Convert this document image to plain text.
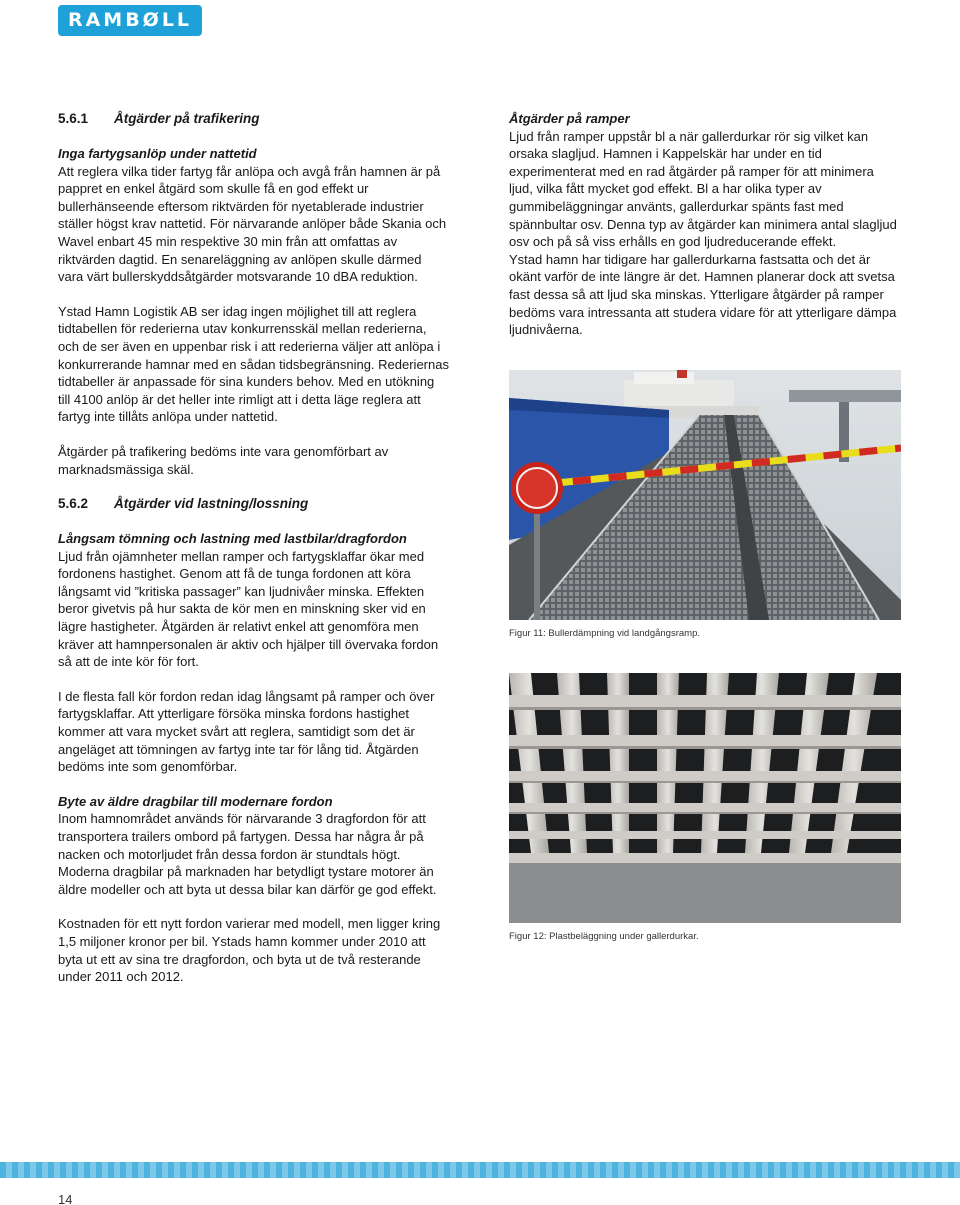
RAMBØLL
5.6.1 Åtgärder på trafikering
Inga fartygsanlöp under nattetid

Att reglera vilka tider fartyg får anlöpa och avgå från hamnen är på pappret en enkel åtgärd som skulle få en god effekt ur bullerhänseende eftersom riktvärden för nyetablerade industrier ställer högst krav nattetid. För närvarande anlöper både Skania och Wavel enbart 45 min respektive 30 min från att omfattas av riktvärden dagtid. En senareläggning av anlöpen skulle därmed vara värt bullerskyddsåtgärder motsvarande 10 dBA reduktion.

Ystad Hamn Logistik AB ser idag ingen möjlighet till att reglera tidtabellen för rederierna utav konkurrensskäl mellan rederierna, och de ser även en uppenbar risk i att rederierna väljer att anlöpa i konkurrerande hamnar med en sådan tidsbegränsning. Rederiernas tidtabeller är anpassade för sina kunders behov. Med en utökning till 4100 anlöp är det heller inte rimligt att i detta läge reglera att fartyg inte tillåts anlöpa under nattetid.

Åtgärder på trafikering bedöms inte vara genomförbart av marknadsmässiga skäl.

5.6.2 Åtgärder vid lastning/lossning
Långsam tömning och lastning med lastbilar/dragfordon

Ljud från ojämnheter mellan ramper och fartygsklaffar ökar med fordonens hastighet. Genom att få de tunga fordonen att köra långsamt vid ”kritiska passager” kan ljudnivåer minska. Effekten beror givetvis på hur sakta de kör men en minskning sker vid en lägre hastigheter. Åtgärden är relativt enkel att genomföra men kräver att hamnpersonalen är aktiv och hjälper till övervaka fordon så att de inte kör för fort.

I de flesta fall kör fordon redan idag långsamt på ramper och över fartygsklaffar. Att ytterligare försöka minska fordons hastighet kommer att vara mycket svårt att reglera, samtidigt som det är angeläget att tömningen av fartyg inte tar för lång tid. Åtgärden bedöms inte som genomförbar.

Byte av äldre dragbilar till modernare fordon

Inom hamnområdet används för närvarande 3 dragfordon för att transportera trailers ombord på fartygen. Dessa har några år på nacken och motorljudet från dessa fordon är stundtals högt. Moderna dragbilar på marknaden har betydligt tystare motorer än äldre modeller och att byta ut dessa bilar kan därför ge god effekt.

Kostnaden för ett nytt fordon varierar med modell, men ligger kring 1,5 miljoner kronor per bil. Ystads hamn kommer under 2010 att byta ut ett av sina tre dragfordon, och byta ut de två resterande under 2011 och 2012.

Åtgärder på ramper

Ljud från ramper uppstår bl a när gallerdurkar rör sig vilket kan orsaka slagljud. Hamnen i Kappelskär har under en tid experimenterat med en rad åtgärder på ramper för att minimera ljud, vilka fått mycket god effekt. Bl a har olika typer av gummibeläggningar använts, gallerdurkar spänts fast med spännbultar osv. Denna typ av åtgärder kan minimera antal slagljud osv och på så viss erhålls en god ljudreducerande effekt.

Ystad hamn har tidigare har gallerdurkarna fastsatta och det är okänt varför de inte längre är det. Hamnen planerar dock att svetsa fast dessa så att ljud ska minskas. Ytterligare åtgärder på ramper bedöms vara intressanta att studera vidare för att ytterligare dämpa ljudnivåerna.

Figur 11: Bullerdämpning vid landgångsramp.
Figur 12: Plastbeläggning under gallerdurkar.
14
